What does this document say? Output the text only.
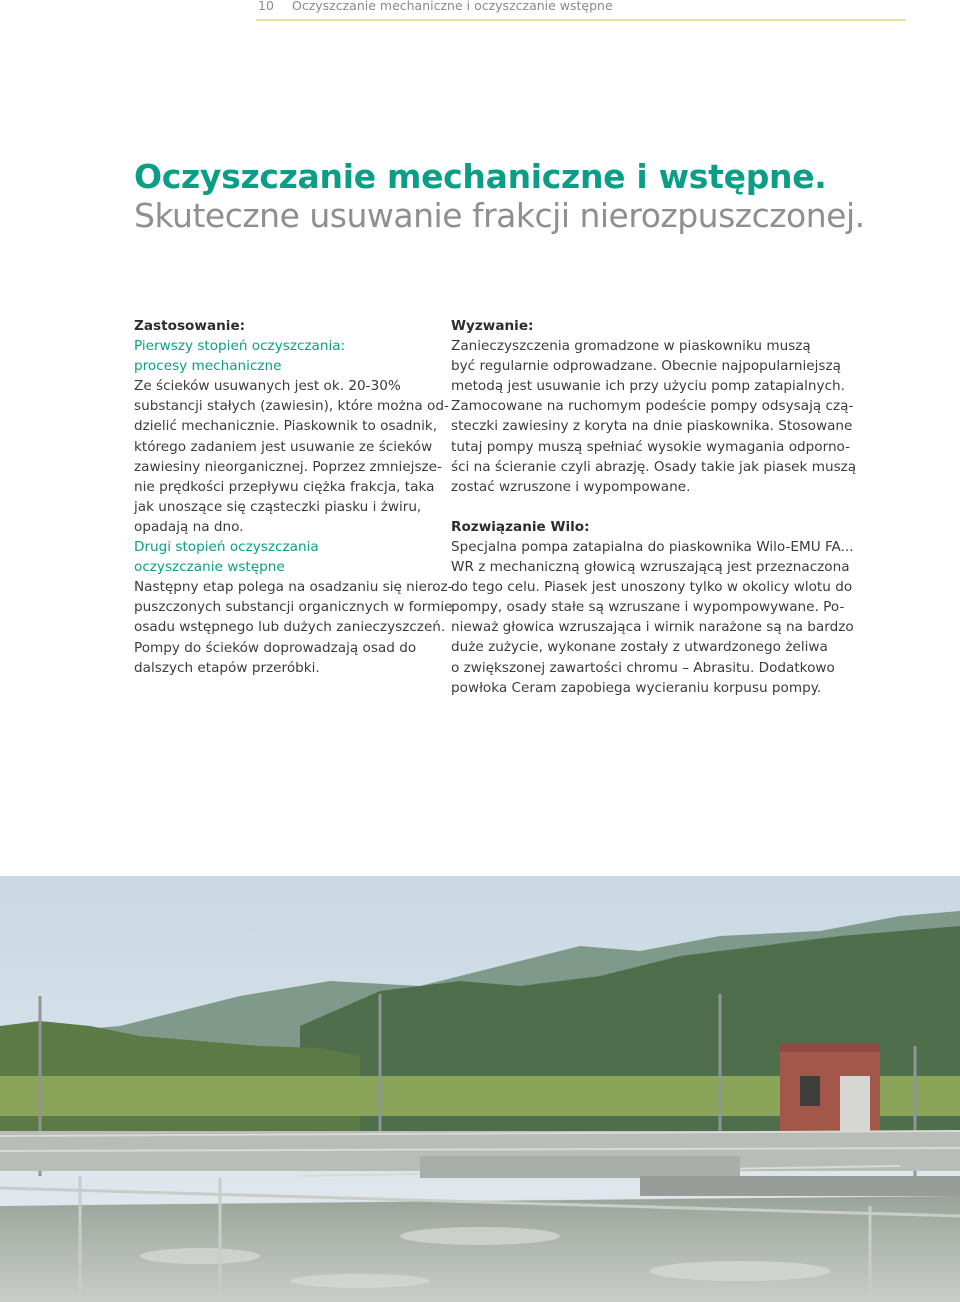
10 Oczyszczanie mechaniczne i oczyszczanie wstępne
Oczyszczanie mechaniczne i wstępne.
Skuteczne usuwanie frakcji nierozpuszczonej.
Zastosowanie:
Pierwszy stopień oczyszczania:
procesy mechaniczne
Ze ścieków usuwanych jest ok. 20-30%
substancji stałych (zawiesin), które można od-
dzielić mechanicznie. Piaskownik to osadnik,
którego zadaniem jest usuwanie ze ścieków
zawiesiny nieorganicznej. Poprzez zmniejsze-
nie prędkości przepływu ciężka frakcja, taka
jak unoszące się cząsteczki piasku i żwiru,
opadają na dno.
Drugi stopień oczyszczania
oczyszczanie wstępne
Następny etap polega na osadzaniu się nieroz-
puszczonych substancji organicznych w formie
osadu wstępnego lub dużych zanieczyszczeń.
Pompy do ścieków doprowadzają osad do
dalszych etapów przeróbki.
Wyzwanie:
Zanieczyszczenia gromadzone w piaskowniku muszą
być regularnie odprowadzane. Obecnie najpopularniejszą
metodą jest usuwanie ich przy użyciu pomp zatapialnych.
Zamocowane na ruchomym podeście pompy odsysają czą-
steczki zawiesiny z koryta na dnie piaskownika. Stosowane
tutaj pompy muszą spełniać wysokie wymagania odporno-
ści na ścieranie czyli abrazję. Osady takie jak piasek muszą
zostać wzruszone i wypompowane.
Rozwiązanie Wilo:
Specjalna pompa zatapialna do piaskownika Wilo-EMU FA...
WR z mechaniczną głowicą wzruszającą jest przeznaczona
do tego celu. Piasek jest unoszony tylko w okolicy wlotu do
pompy, osady stałe są wzruszane i wypompowywane. Po-
nieważ głowica wzruszająca i wirnik narażone są na bardzo
duże zużycie, wykonane zostały z utwardzonego żeliwa
o zwiększonej zawartości chromu – Abrasitu. Dodatkowo
powłoka Ceram zapobiega wycieraniu korpusu pompy.
